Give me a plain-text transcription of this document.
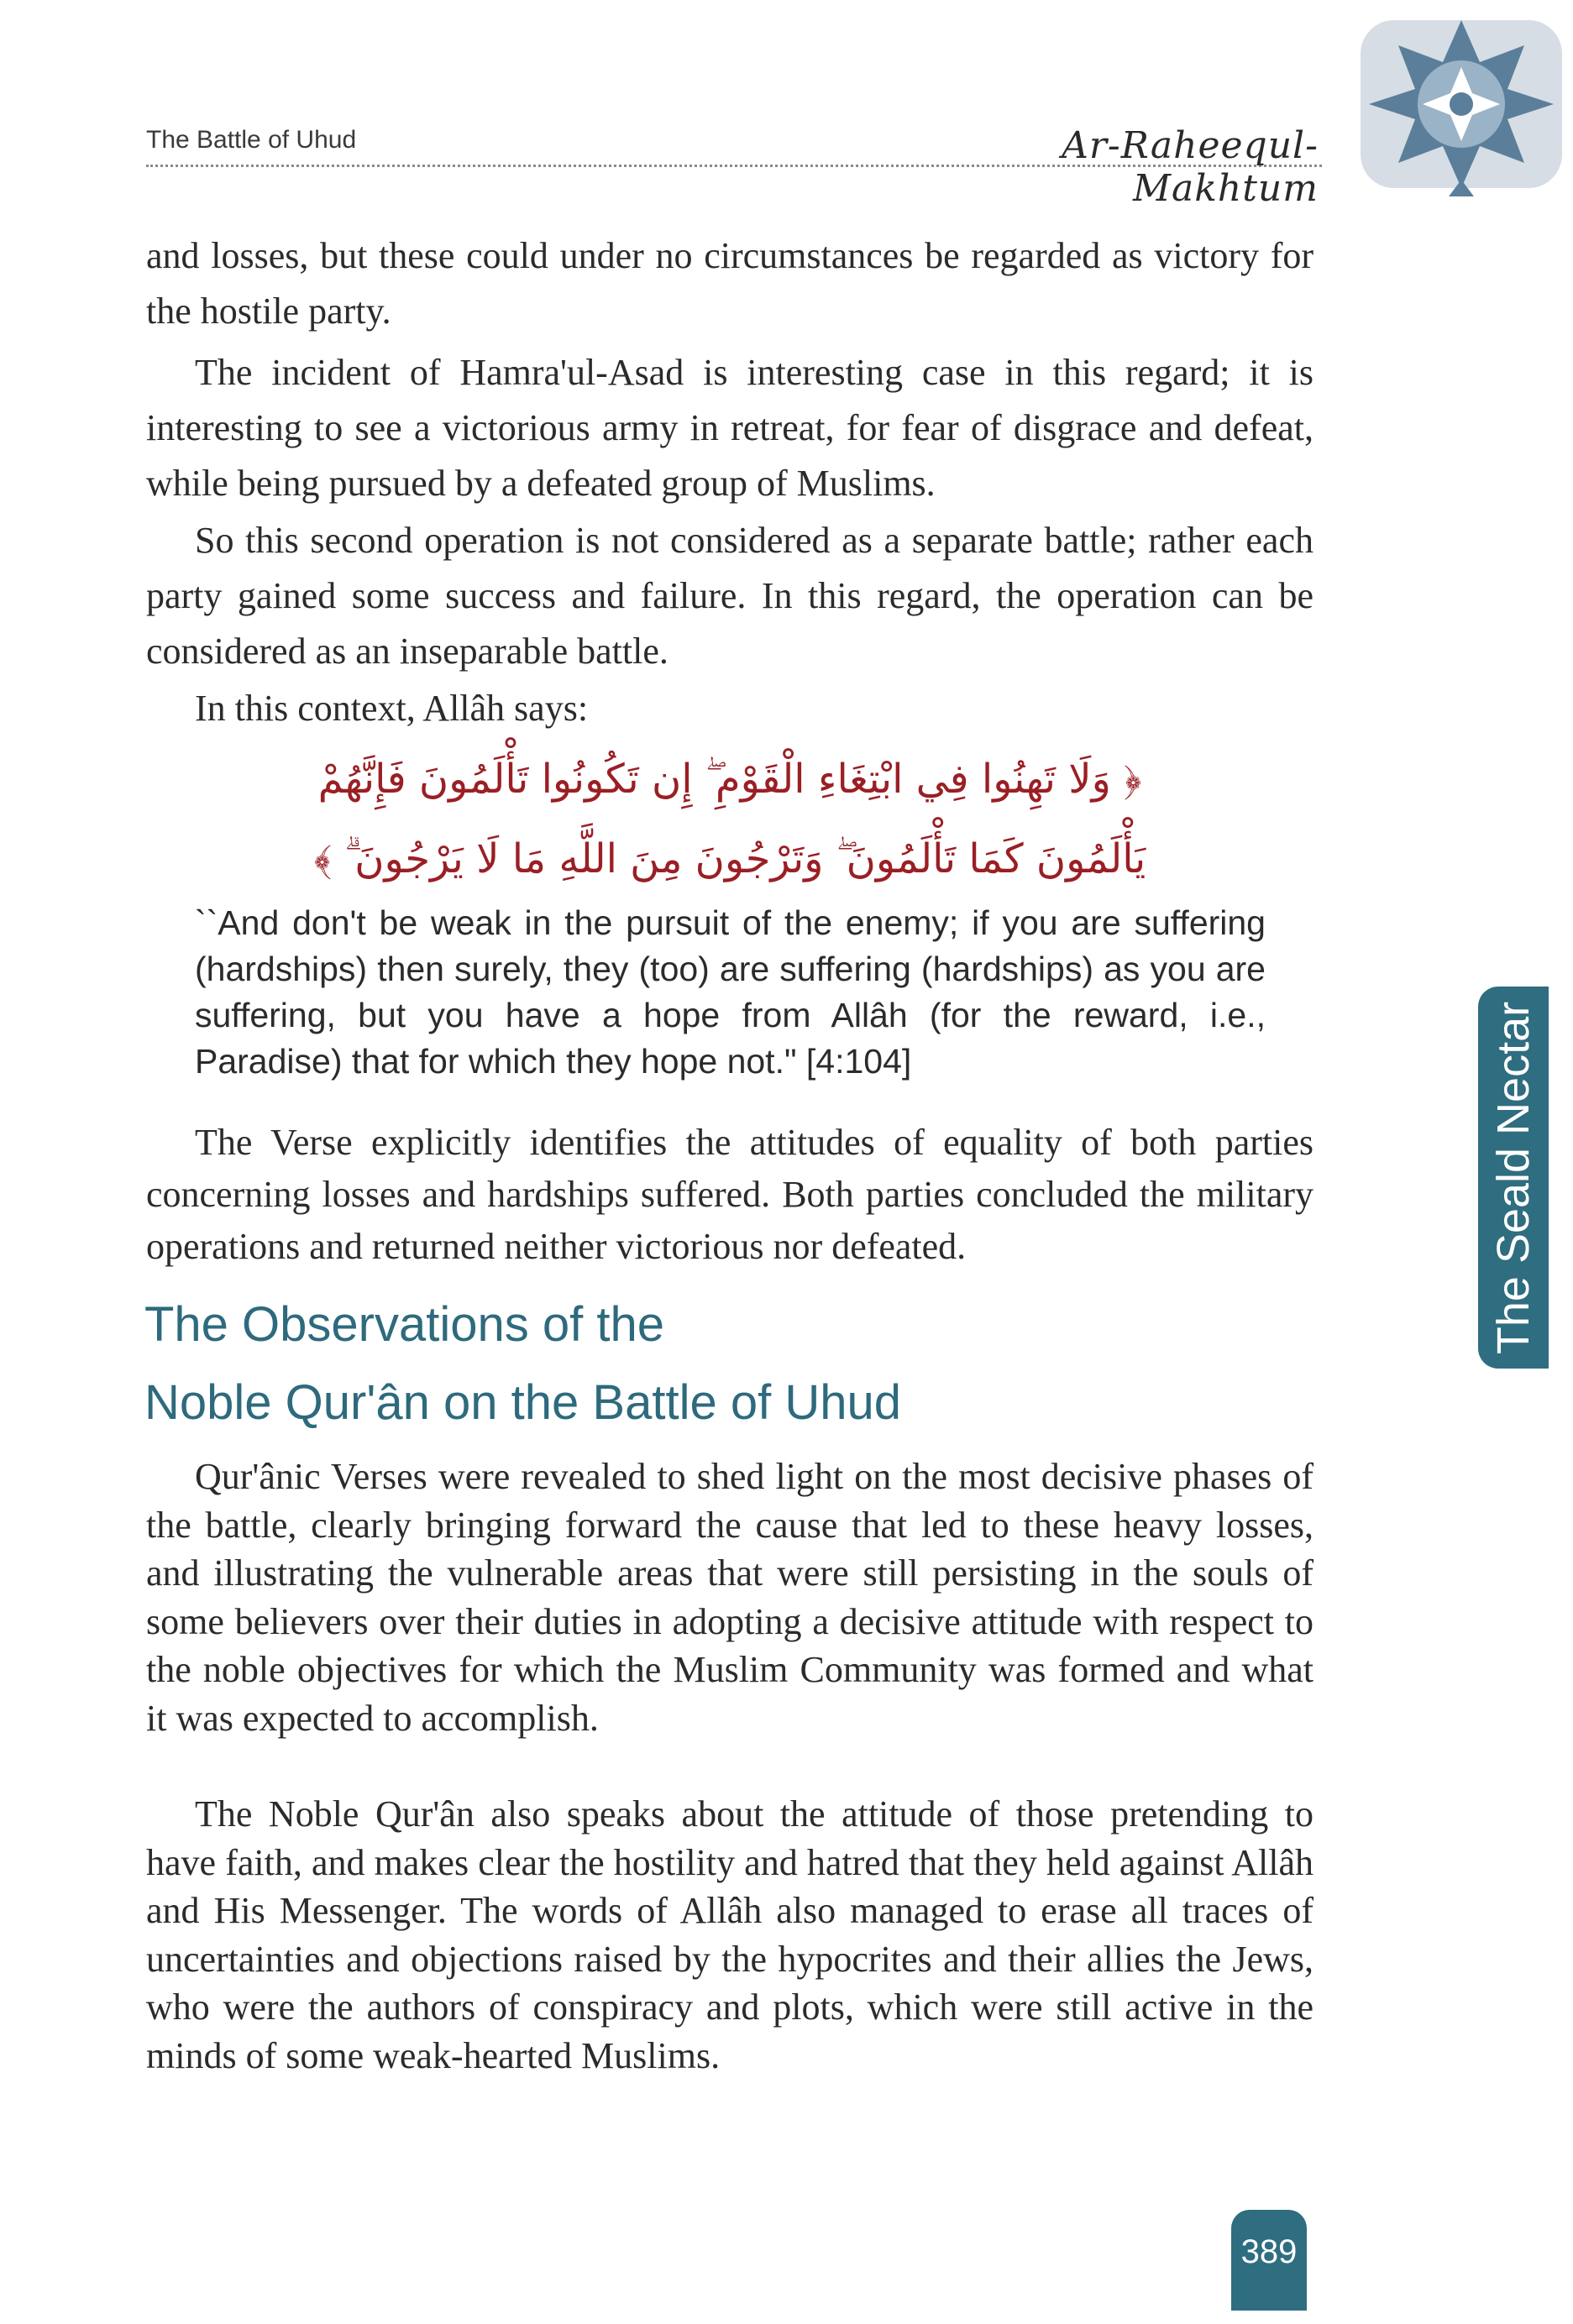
The Battle of Uhud	Ar-Raheequl-Makhtum

and losses, but these could under no circumstances be regarded as victory for the hostile party.

The incident of Hamra'ul-Asad is interesting case in this regard; it is interesting to see a victorious army in retreat, for fear of disgrace and defeat, while being pursued by a defeated group of Muslims.

So this second operation is not considered as a separate battle; rather each party gained some success and failure. In this regard, the operation can be considered as an inseparable battle.

In this context, Allâh says:

﴿ وَلَا تَهِنُوا فِي ابْتِغَاءِ الْقَوْمِ ۖ إِن تَكُونُوا تَأْلَمُونَ فَإِنَّهُمْ
يَأْلَمُونَ كَمَا تَأْلَمُونَ ۖ وَتَرْجُونَ مِنَ اللَّهِ مَا لَا يَرْجُونَ ۗ ﴾

``And don't be weak in the pursuit of the enemy; if you are suffering (hardships) then surely, they (too) are suffering (hardships) as you are suffering, but you have a hope from Allâh (for the reward, i.e., Paradise) that for which they hope not." [4:104]

The Verse explicitly identifies the attitudes of equality of both parties concerning losses and hardships suffered. Both parties concluded the military operations and returned neither victorious nor defeated.

The Observations of the
Noble Qur'ân on the Battle of Uhud

Qur'ânic Verses were revealed to shed light on the most decisive phases of the battle, clearly bringing forward the cause that led to these heavy losses, and illustrating the vulnerable areas that were still persisting in the souls of some believers over their duties in adopting a decisive attitude with respect to the noble objectives for which the Muslim Community was formed and what it was expected to accomplish.

The Noble Qur'ân also speaks about the attitude of those pretending to have faith, and makes clear the hostility and hatred that they held against Allâh and His Messenger. The words of Allâh also managed to erase all traces of uncertainties and objections raised by the hypocrites and their allies the Jews, who were the authors of conspiracy and plots, which were still active in the minds of some weak-hearted Muslims.

The Seald Nectar
389
